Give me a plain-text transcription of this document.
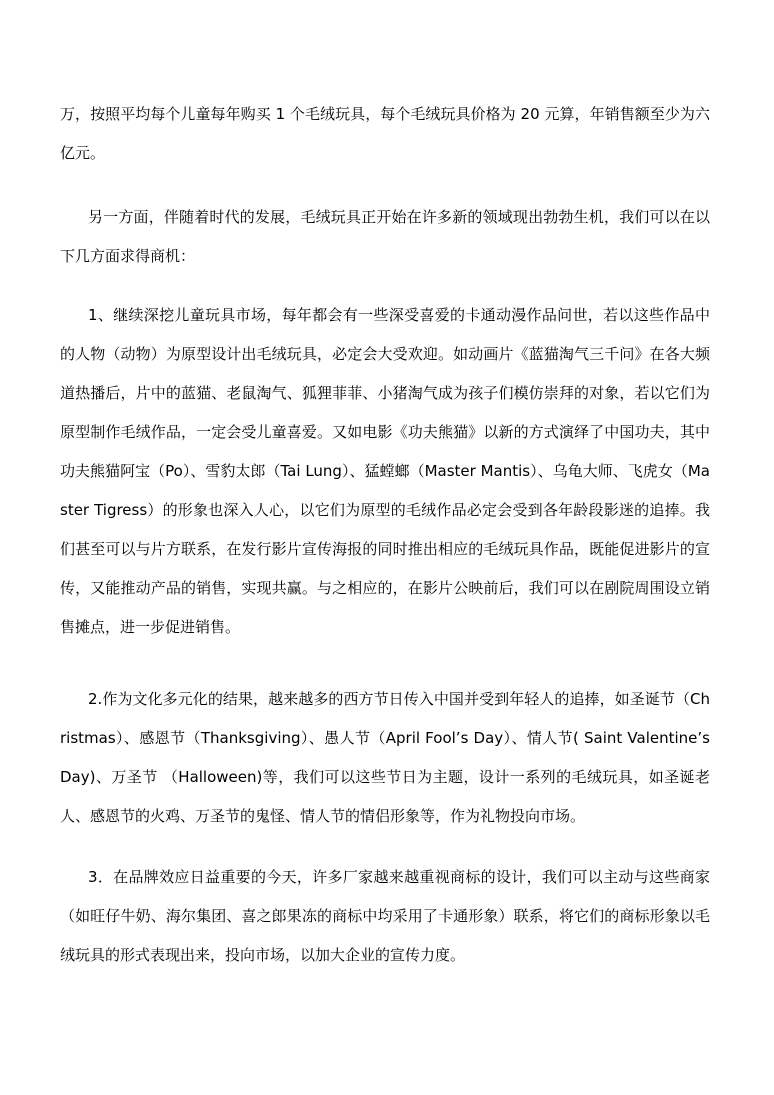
万，按照平均每个儿童每年购买 1 个毛绒玩具，每个毛绒玩具价格为 20 元算，年销售额至少为六亿元。

另一方面，伴随着时代的发展，毛绒玩具正开始在许多新的领域现出勃勃生机，我们可以在以下几方面求得商机：

1、继续深挖儿童玩具市场，每年都会有一些深受喜爱的卡通动漫作品问世，若以这些作品中的人物（动物）为原型设计出毛绒玩具，必定会大受欢迎。如动画片《蓝猫淘气三千问》在各大频道热播后，片中的蓝猫、老鼠淘气、狐狸菲菲、小猪淘气成为孩子们模仿崇拜的对象，若以它们为原型制作毛绒作品，一定会受儿童喜爱。又如电影《功夫熊猫》以新的方式演绎了中国功夫，其中功夫熊猫阿宝（Po）、雪豹太郎（Tai Lung）、猛螳螂（Master Mantis）、乌龟大师、飞虎女（Master Tigress）的形象也深入人心，以它们为原型的毛绒作品必定会受到各年龄段影迷的追捧。我们甚至可以与片方联系，在发行影片宣传海报的同时推出相应的毛绒玩具作品，既能促进影片的宣传，又能推动产品的销售，实现共赢。与之相应的，在影片公映前后，我们可以在剧院周围设立销售摊点，进一步促进销售。

2.作为文化多元化的结果，越来越多的西方节日传入中国并受到年轻人的追捧，如圣诞节（Christmas）、感恩节（Thanksgiving）、愚人节（April Fool’s Day）、情人节( Saint Valentine’s Day)、万圣节 （Halloween)等，我们可以这些节日为主题，设计一系列的毛绒玩具，如圣诞老人、感恩节的火鸡、万圣节的鬼怪、情人节的情侣形象等，作为礼物投向市场。

3．在品牌效应日益重要的今天，许多厂家越来越重视商标的设计，我们可以主动与这些商家（如旺仔牛奶、海尔集团、喜之郎果冻的商标中均采用了卡通形象）联系，将它们的商标形象以毛绒玩具的形式表现出来，投向市场，以加大企业的宣传力度。
